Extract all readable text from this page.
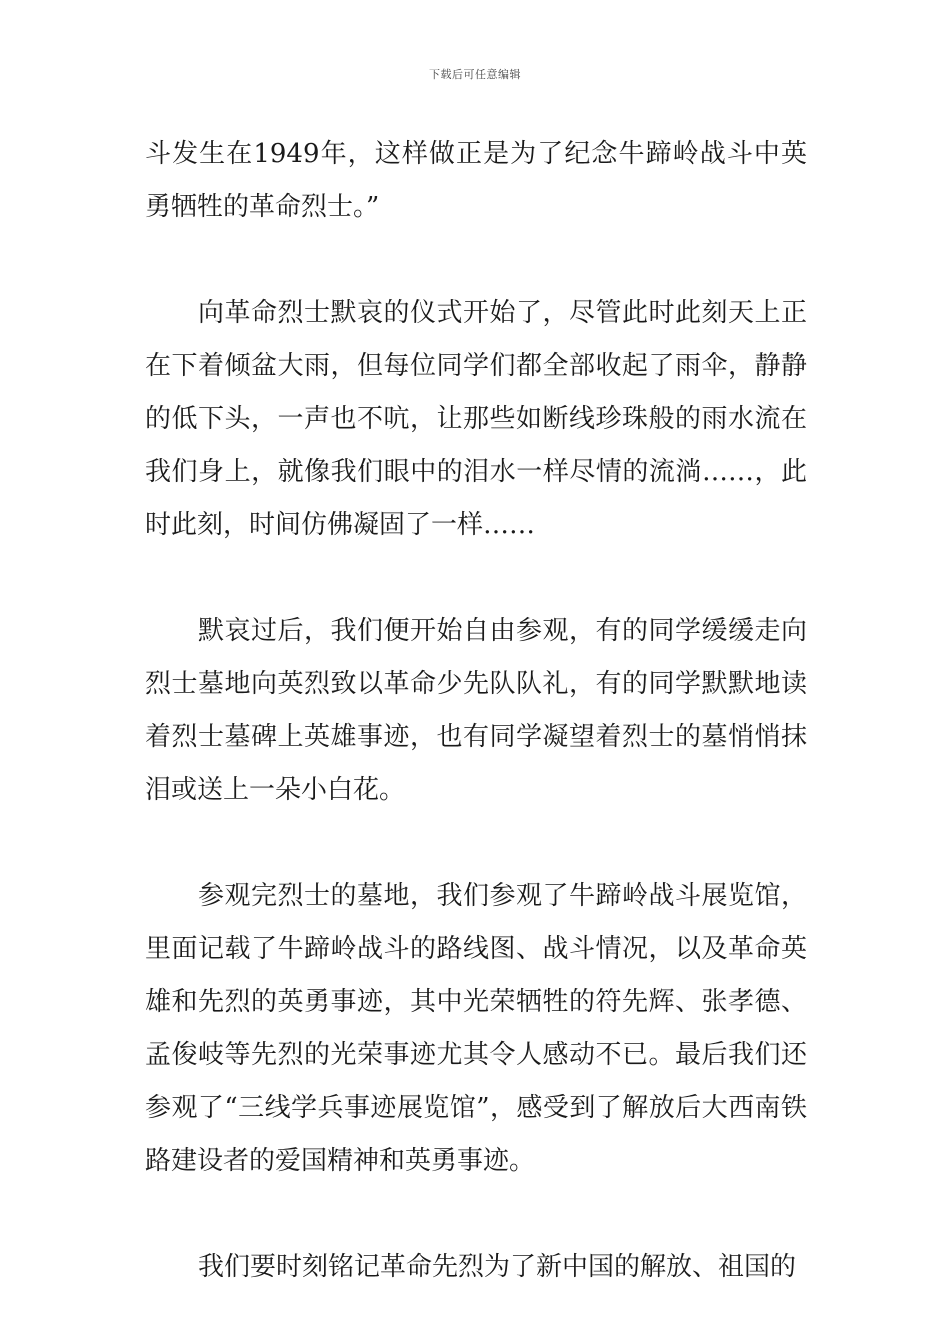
下载后可任意编辑

斗发生在1949年，这样做正是为了纪念牛蹄岭战斗中英勇牺牲的革命烈士。”

向革命烈士默哀的仪式开始了，尽管此时此刻天上正在下着倾盆大雨，但每位同学们都全部收起了雨伞，静静的低下头，一声也不吭，让那些如断线珍珠般的雨水流在我们身上，就像我们眼中的泪水一样尽情的流淌……，此时此刻，时间仿佛凝固了一样……

默哀过后，我们便开始自由参观，有的同学缓缓走向烈士墓地向英烈致以革命少先队队礼，有的同学默默地读着烈士墓碑上英雄事迹，也有同学凝望着烈士的墓悄悄抹泪或送上一朵小白花。

参观完烈士的墓地，我们参观了牛蹄岭战斗展览馆，里面记载了牛蹄岭战斗的路线图、战斗情况，以及革命英雄和先烈的英勇事迹，其中光荣牺牲的符先辉、张孝德、孟俊岐等先烈的光荣事迹尤其令人感动不已。最后我们还参观了“三线学兵事迹展览馆”，感受到了解放后大西南铁路建设者的爱国精神和英勇事迹。

我们要时刻铭记革命先烈为了新中国的解放、祖国的
